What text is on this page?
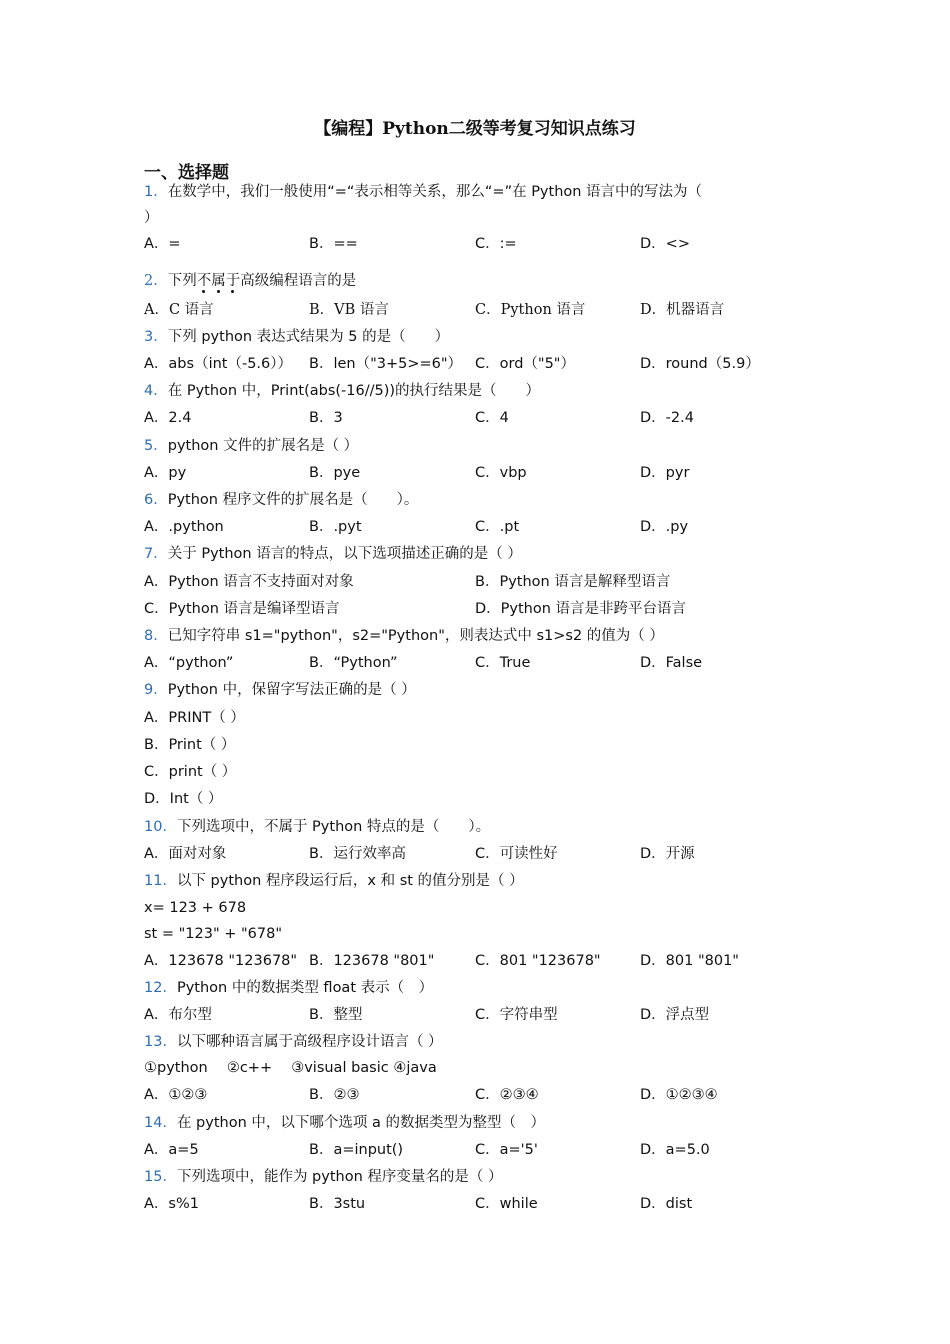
【编程】Python二级等考复习知识点练习
一、选择题
1．在数学中，我们一般使用“=“表示相等关系，那么“=”在 Python 语言中的写法为（
）
A．=	B．==	C．:=	D．<>
2．下列不属于高级编程语言的是
A．C 语言	B．VB 语言	C．Python 语言	D．机器语言
3．下列 python 表达式结果为 5 的是（　　）
A．abs（int（-5.6）） B．len（"3+5>=6"） C．ord（"5"）	D．round（5.9）
4．在 Python 中，Print(abs(-16//5))的执行结果是（　　）
A．2.4	B．3	C．4	D．-2.4
5．python 文件的扩展名是（ ）
A．py	B．pye	C．vbp	D．pyr
6．Python 程序文件的扩展名是（　　）。
A．.python	B．.pyt	C．.pt	D．.py
7．关于 Python 语言的特点，以下选项描述正确的是（ ）
A．Python 语言不支持面对对象	B．Python 语言是解释型语言
C．Python 语言是编译型语言	D．Python 语言是非跨平台语言
8．已知字符串 s1="python"，s2="Python"，则表达式中 s1>s2 的值为（ ）
A．“python”	B．“Python”	C．True	D．False
9．Python 中，保留字写法正确的是（ ）
A．PRINT（ ）
B．Print（ ）
C．print（ ）
D．Int（ ）
10．下列选项中，不属于 Python 特点的是（　　）。
A．面对对象	B．运行效率高	C．可读性好	D．开源
11．以下 python 程序段运行后，x 和 st 的值分别是（ ）
x= 123 + 678
st = "123" + "678"
A．123678 "123678" B．123678 "801"	C．801 "123678"	D．801 "801"
12．Python 中的数据类型 float 表示（　）
A．布尔型	B．整型	C．字符串型	D．浮点型
13．以下哪种语言属于高级程序设计语言（ ）
①python　 ②c++　 ③visual basic ④java
A．①②③	B．②③	C．②③④	D．①②③④
14．在 python 中，以下哪个选项 a 的数据类型为整型（　）
A．a=5	B．a=input()	C．a='5'	D．a=5.0
15．下列选项中，能作为 python 程序变量名的是（ ）
A．s%1	B．3stu	C．while	D．dist
